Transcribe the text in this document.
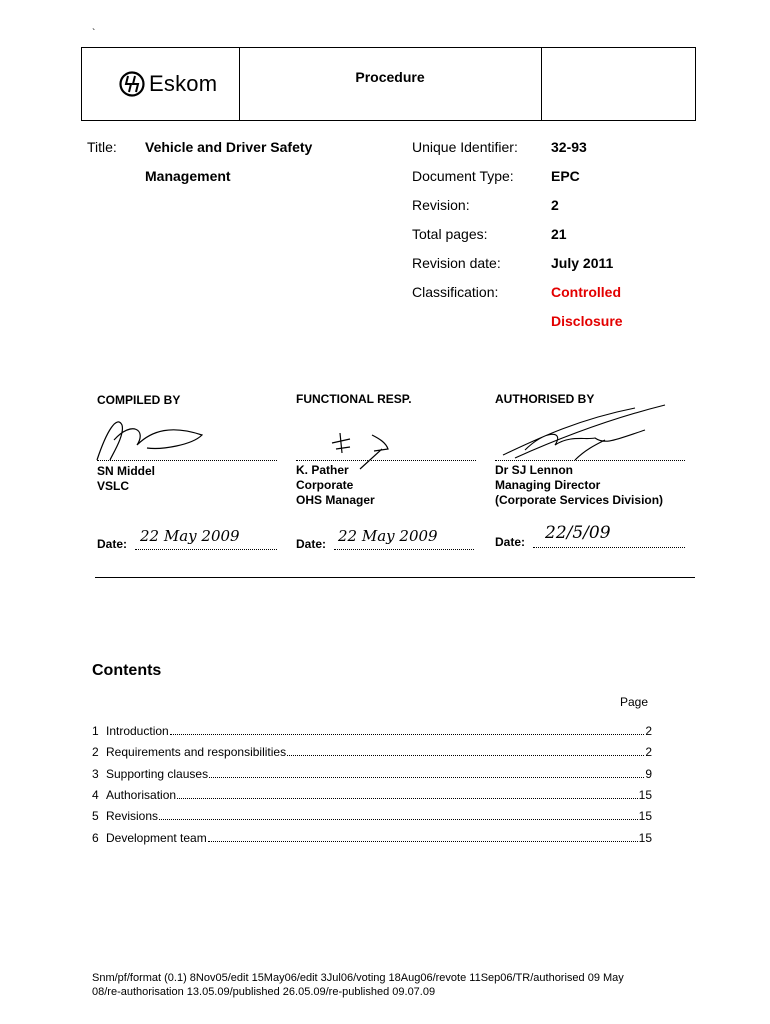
`
Eskom	Procedure
Title: Vehicle and Driver Safety
Management
Unique Identifier: 32-93
Document Type:	EPC
Revision:	2
Total pages:	21
Revision date:	July 2011
Classification:	Controlled
Disclosure
COMPILED BY
SN Middel
VSLC
Date: 22 May 2009
FUNCTIONAL RESP.
K. Pather
Corporate
OHS Manager
Date: 22 May 2009
AUTHORISED BY
Dr SJ Lennon
Managing Director
(Corporate Services Division)
Date: 22/5/09
Contents
Page
1 Introduction	2
2 Requirements and responsibilities	2
3 Supporting clauses	9
4 Authorisation	15
5 Revisions	15
6 Development team	15
Snm/pf/format (0.1) 8Nov05/edit 15May06/edit 3Jul06/voting 18Aug06/revote 11Sep06/TR/authorised 09 May
08/re-authorisation 13.05.09/published 26.05.09/re-published 09.07.09
